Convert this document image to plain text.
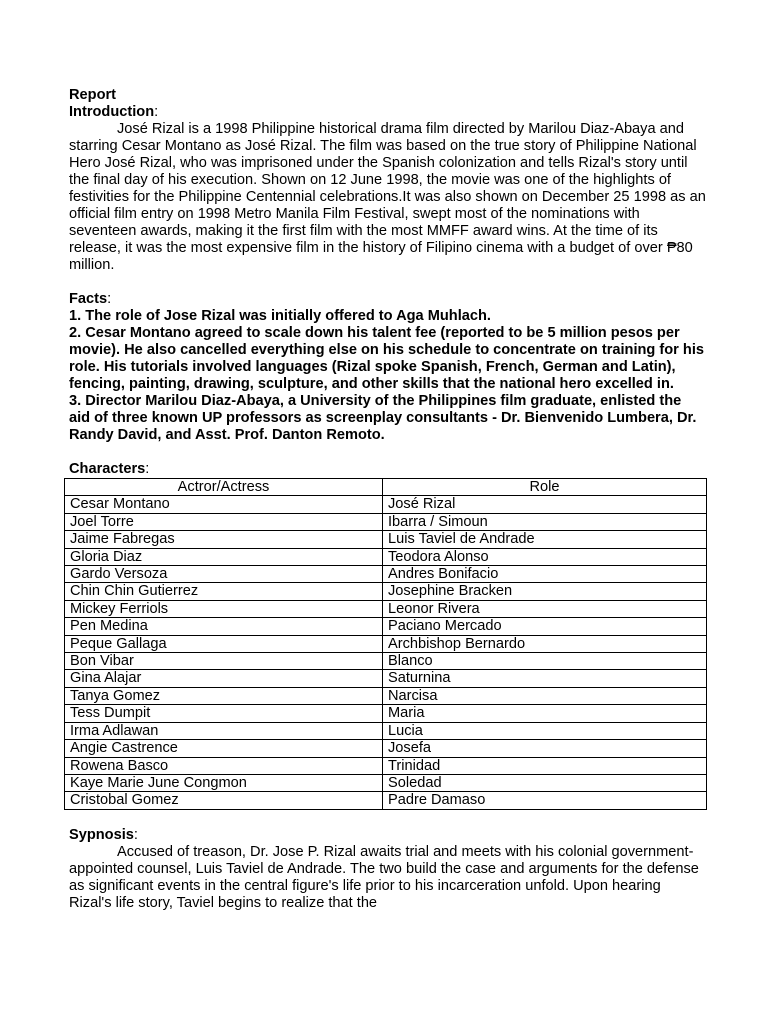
Report
Introduction:

José Rizal is a 1998 Philippine historical drama film directed by Marilou Diaz-Abaya and starring Cesar Montano as José Rizal. The film was based on the true story of Philippine National Hero José Rizal, who was imprisoned under the Spanish colonization and tells Rizal's story until the final day of his execution. Shown on 12 June 1998, the movie was one of the highlights of festivities for the Philippine Centennial celebrations.It was also shown on December 25 1998 as an official film entry on 1998 Metro Manila Film Festival, swept most of the nominations with seventeen awards, making it the first film with the most MMFF award wins. At the time of its release, it was the most expensive film in the history of Filipino cinema with a budget of over ₱80 million.

Facts:

1. The role of Jose Rizal was initially offered to Aga Muhlach.

2. Cesar Montano agreed to scale down his talent fee (reported to be 5 million pesos per movie). He also cancelled everything else on his schedule to concentrate on training for his role. His tutorials involved languages (Rizal spoke Spanish, French, German and Latin), fencing, painting, drawing, sculpture, and other skills that the national hero excelled in.

3. Director Marilou Diaz-Abaya, a University of the Philippines film graduate, enlisted the aid of three known UP professors as screenplay consultants - Dr. Bienvenido Lumbera, Dr. Randy David, and Asst. Prof. Danton Remoto.

Characters:
Actror/Actress	Role
Cesar Montano	José Rizal
Joel Torre	Ibarra / Simoun
Jaime Fabregas	Luis Taviel de Andrade
Gloria Diaz	Teodora Alonso
Gardo Versoza	Andres Bonifacio
Chin Chin Gutierrez	Josephine Bracken
Mickey Ferriols	Leonor Rivera
Pen Medina	Paciano Mercado
Peque Gallaga	Archbishop Bernardo
Bon Vibar	Blanco
Gina Alajar	Saturnina
Tanya Gomez	Narcisa
Tess Dumpit	Maria
Irma Adlawan	Lucia
Angie Castrence	Josefa
Rowena Basco	Trinidad
Kaye Marie June Congmon	Soledad
Cristobal Gomez	Padre Damaso
Sypnosis:

Accused of treason, Dr. Jose P. Rizal awaits trial and meets with his colonial government-appointed counsel, Luis Taviel de Andrade. The two build the case and arguments for the defense as significant events in the central figure's life prior to his incarceration unfold. Upon hearing Rizal's life story, Taviel begins to realize that the
